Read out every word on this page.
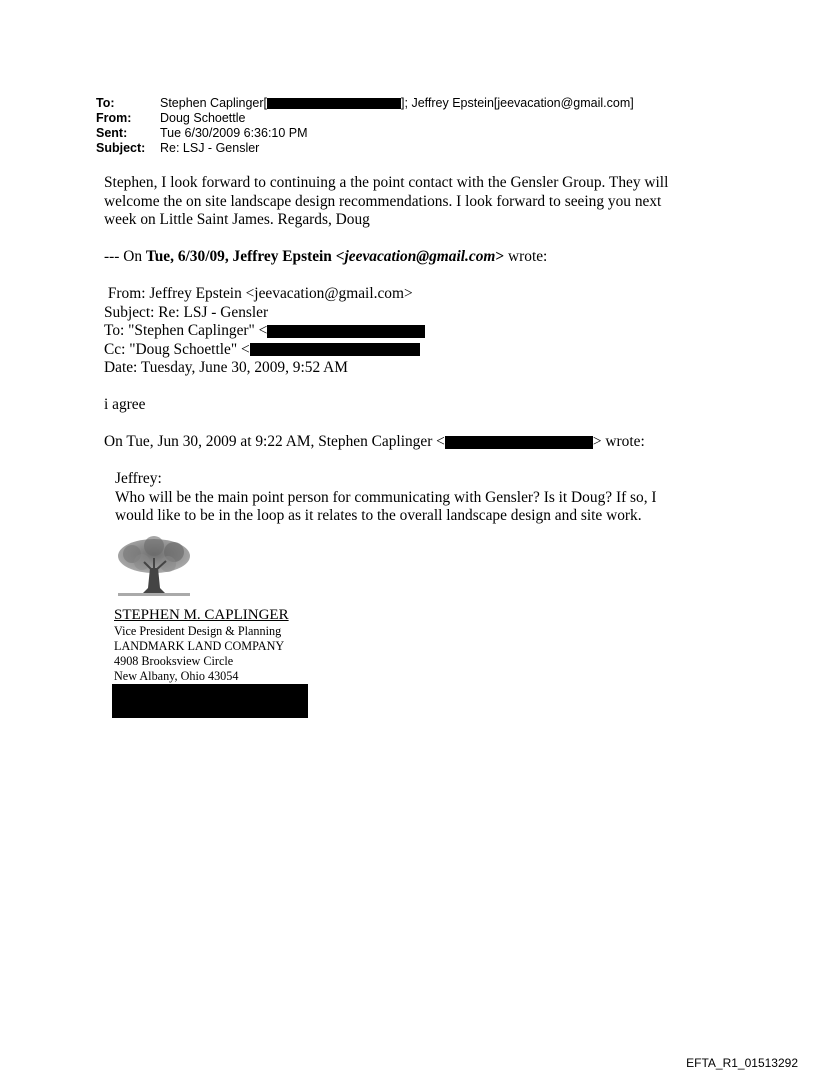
To:	Stephen Caplinger[	]; Jeffrey Epstein[jeevacation@gmail.com]
From:	Doug Schoettle
Sent:	Tue 6/30/2009 6:36:10 PM
Subject:	Re: LSJ - Gensler
Stephen, I look forward to continuing a the point contact with the Gensler Group. They will
welcome the on site landscape design recommendations. I look forward to seeing you next
week on Little Saint James. Regards, Doug
--- On Tue, 6/30/09, Jeffrey Epstein <jeevacation@gmail.com> wrote:
From: Jeffrey Epstein <jeevacation@gmail.com>
Subject: Re: LSJ - Gensler
To: "Stephen Caplinger" <
Cc: "Doug Schoettle" <
Date: Tuesday, June 30, 2009, 9:52 AM
i agree
On Tue, Jun 30, 2009 at 9:22 AM, Stephen Caplinger <	> wrote:
Jeffrey:
Who will be the main point person for communicating with Gensler? Is it Doug? If so, I
would like to be in the loop as it relates to the overall landscape design and site work.
STEPHEN M. CAPLINGER
Vice President Design & Planning
LANDMARK LAND COMPANY
4908 Brooksview Circle
New Albany, Ohio 43054
EFTA_R1_01513292
